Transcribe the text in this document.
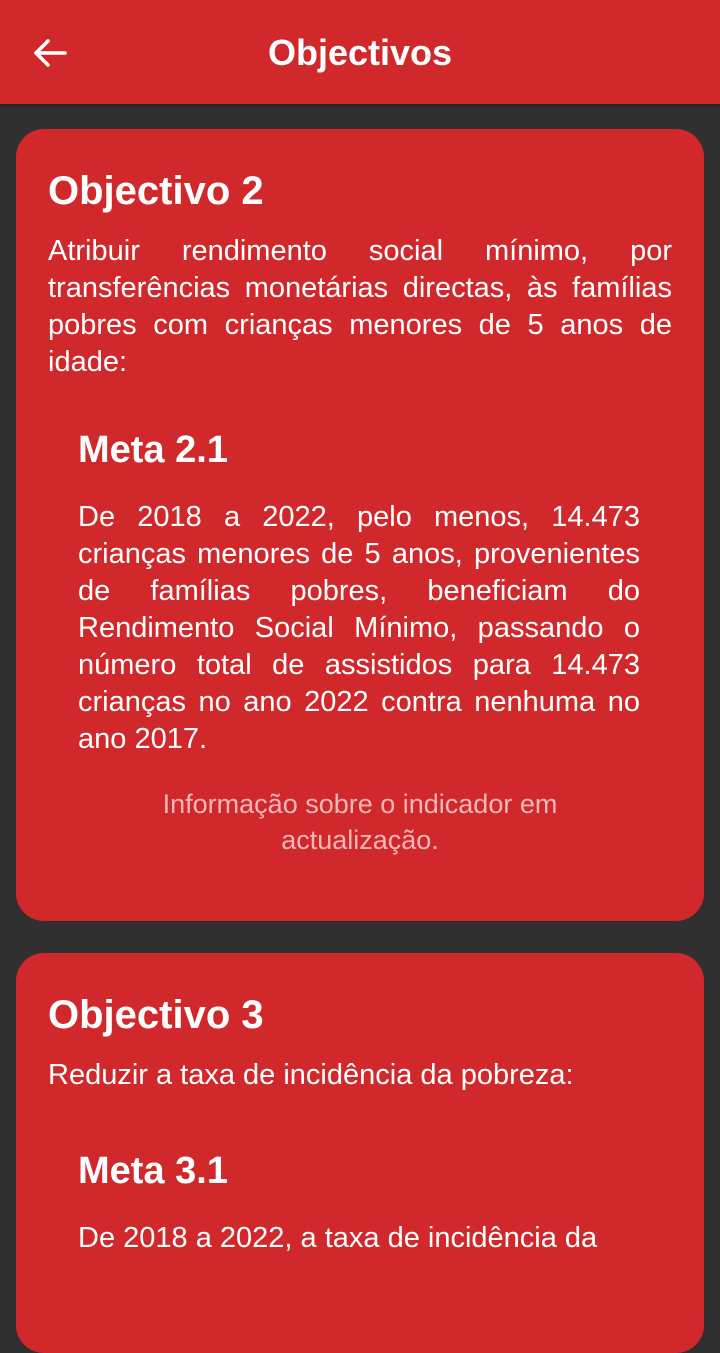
Objectivos
Objectivo 2

Atribuir rendimento social mínimo, por transferências monetárias directas, às famílias pobres com crianças menores de 5 anos de idade:

Meta 2.1

De 2018 a 2022, pelo menos, 14.473 crianças menores de 5 anos, provenientes de famílias pobres, beneficiam do Rendimento Social Mínimo, passando o número total de assistidos para 14.473 crianças no ano 2022 contra nenhuma no ano 2017.

Informação sobre o indicador em actualização.

Objectivo 3

Reduzir a taxa de incidência da pobreza:

Meta 3.1

De 2018 a 2022, a taxa de incidência da
